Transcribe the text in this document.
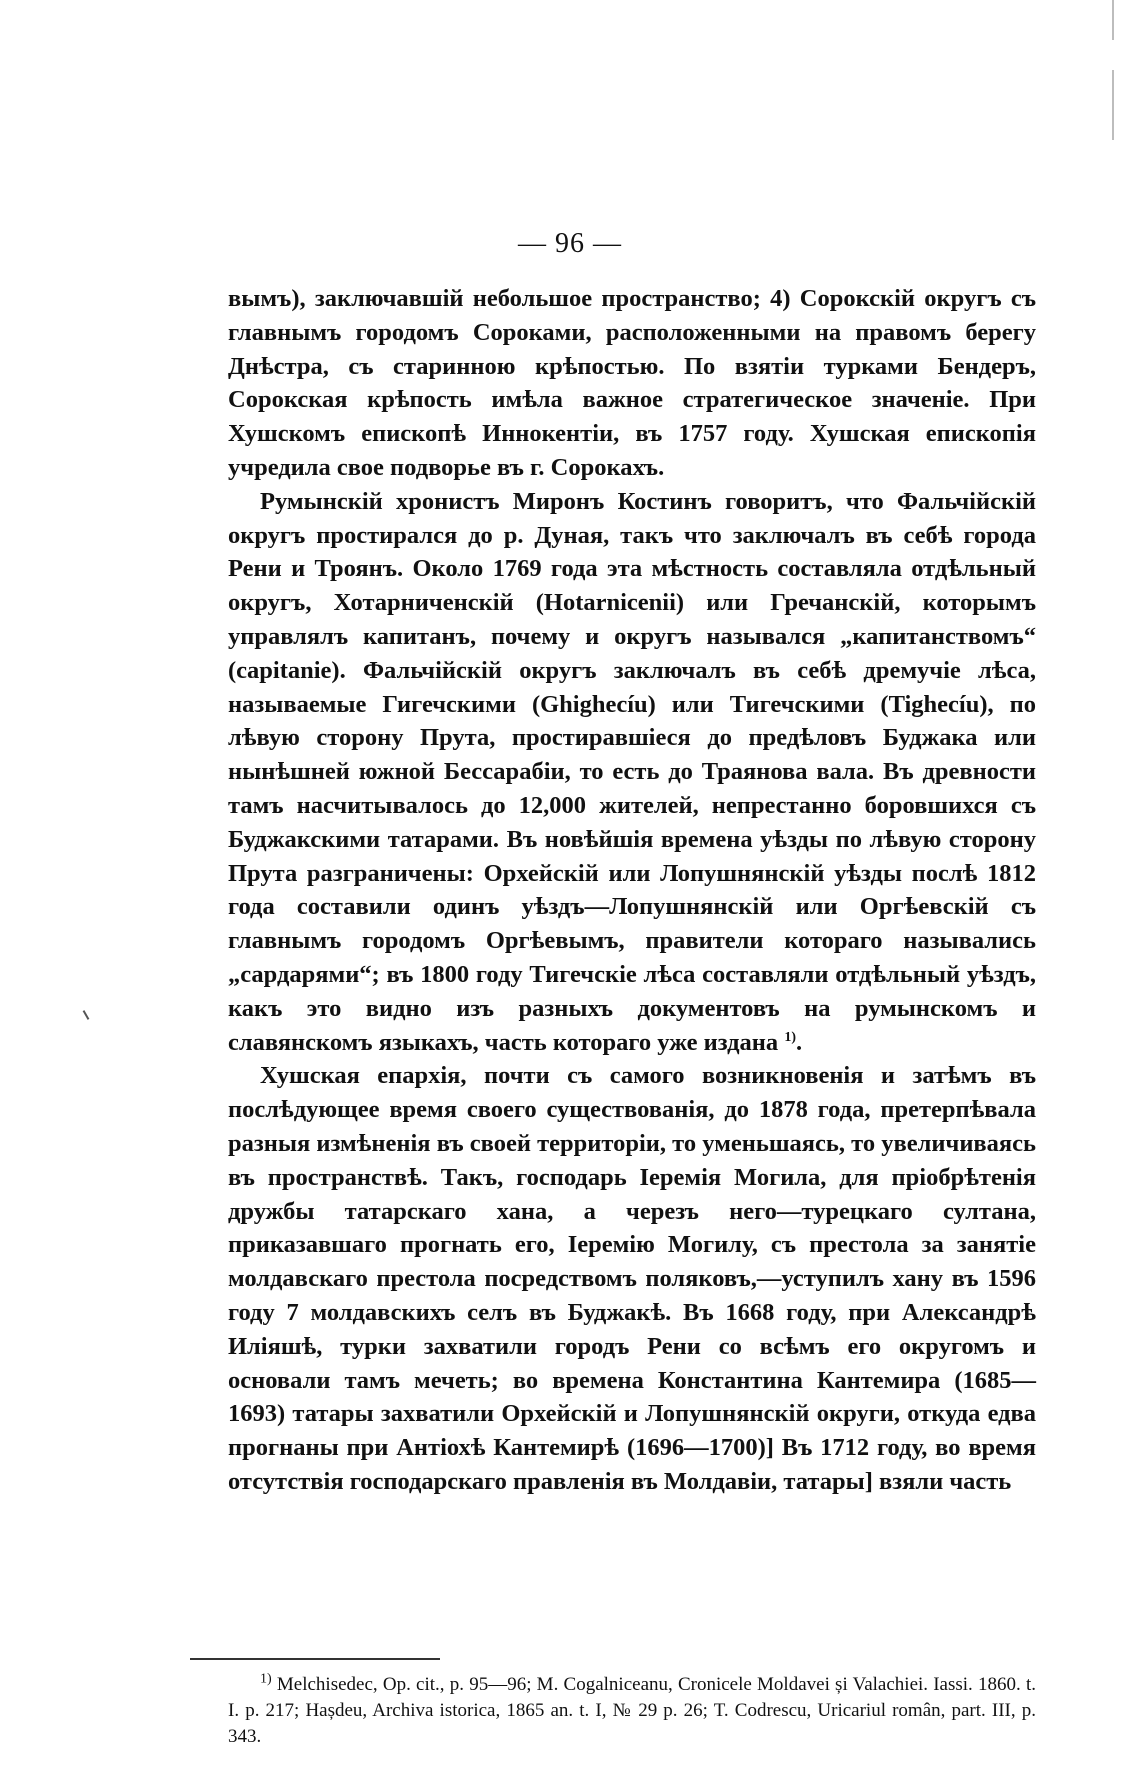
— 96 —

вымъ), заключавшій небольшое пространство; 4) Сорокскій округъ съ главнымъ городомъ Сороками, расположенными на правомъ берегу Днѣстра, съ старинною крѣпостью. По взятіи турками Бендеръ, Сорокская крѣпость имѣла важное стратегическое значеніе. При Хушскомъ епископѣ Иннокентіи, въ 1757 году. Хушская епископія учредила свое подворье въ г. Сорокахъ.

Румынскій хронистъ Миронъ Костинъ говоритъ, что Фальчійскій округъ простирался до р. Дуная, такъ что заключалъ въ себѣ города Рени и Троянъ. Около 1769 года эта мѣстность составляла отдѣльный округъ, Хотарниченскій (Hotarnicenii) или Гречанскій, которымъ управлялъ капитанъ, почему и округъ назывался „капитанствомъ“ (capitanie). Фальчійскій округъ заключалъ въ себѣ дремучіе лѣса, называемые Гигечскими (Ghighecíu) или Тигечскими (Tighecíu), по лѣвую сторону Прута, простиравшіеся до предѣловъ Буджака или нынѣшней южной Бессарабіи, то есть до Траянова вала. Въ древности тамъ насчитывалось до 12,000 жителей, непрестанно боровшихся съ Буджакскими татарами. Въ новѣйшія времена уѣзды по лѣвую сторону Прута разграничены: Орхейскій или Лопушнянскій уѣзды послѣ 1812 года составили одинъ уѣздъ—Лопушнянскій или Оргѣевскій съ главнымъ городомъ Оргѣевымъ, правители котораго назывались „сардарями“; въ 1800 году Тигечскіе лѣса составляли отдѣльный уѣздъ, какъ это видно изъ разныхъ документовъ на румынскомъ и славянскомъ языкахъ, часть котораго уже издана $^{1)}$.

Хушская епархія, почти съ самого возникновенія и затѣмъ въ послѣдующее время своего существованія, до 1878 года, претерпѣвала разныя измѣненія въ своей территоріи, то уменьшаясь, то увеличиваясь въ пространствѣ. Такъ, господарь Іеремія Могила, для пріобрѣтенія дружбы татарскаго хана, а черезъ него—турецкаго султана, приказавшаго прогнать его, Іеремію Могилу, съ престола за занятіе молдавскаго престола посредствомъ поляковъ,—уступилъ хану въ 1596 году 7 молдавскихъ селъ въ Буджакѣ. Въ 1668 году, при Александрѣ Иліяшѣ, турки захватили городъ Рени со всѣмъ его округомъ и основали тамъ мечеть; во времена Константина Кантемира (1685—1693) татары захватили Орхейскій и Лопушнянскій округи, откуда едва прогнаны при Антіохѣ Кантемирѣ (1696—1700)] Въ 1712 году, во время отсутствія господарскаго правленія въ Молдавіи, татары] взяли часть

$^{1)}$ Melchisedec, Op. cit., p. 95—96; M. Cogalniceanu, Cronicele Moldavei și Valachiei. Iassi. 1860. t. I. p. 217; Hașdeu, Archiva istorica, 1865 an. t. I, № 29 p. 26; T. Codrescu, Uricariul român, part. III, p. 343.
